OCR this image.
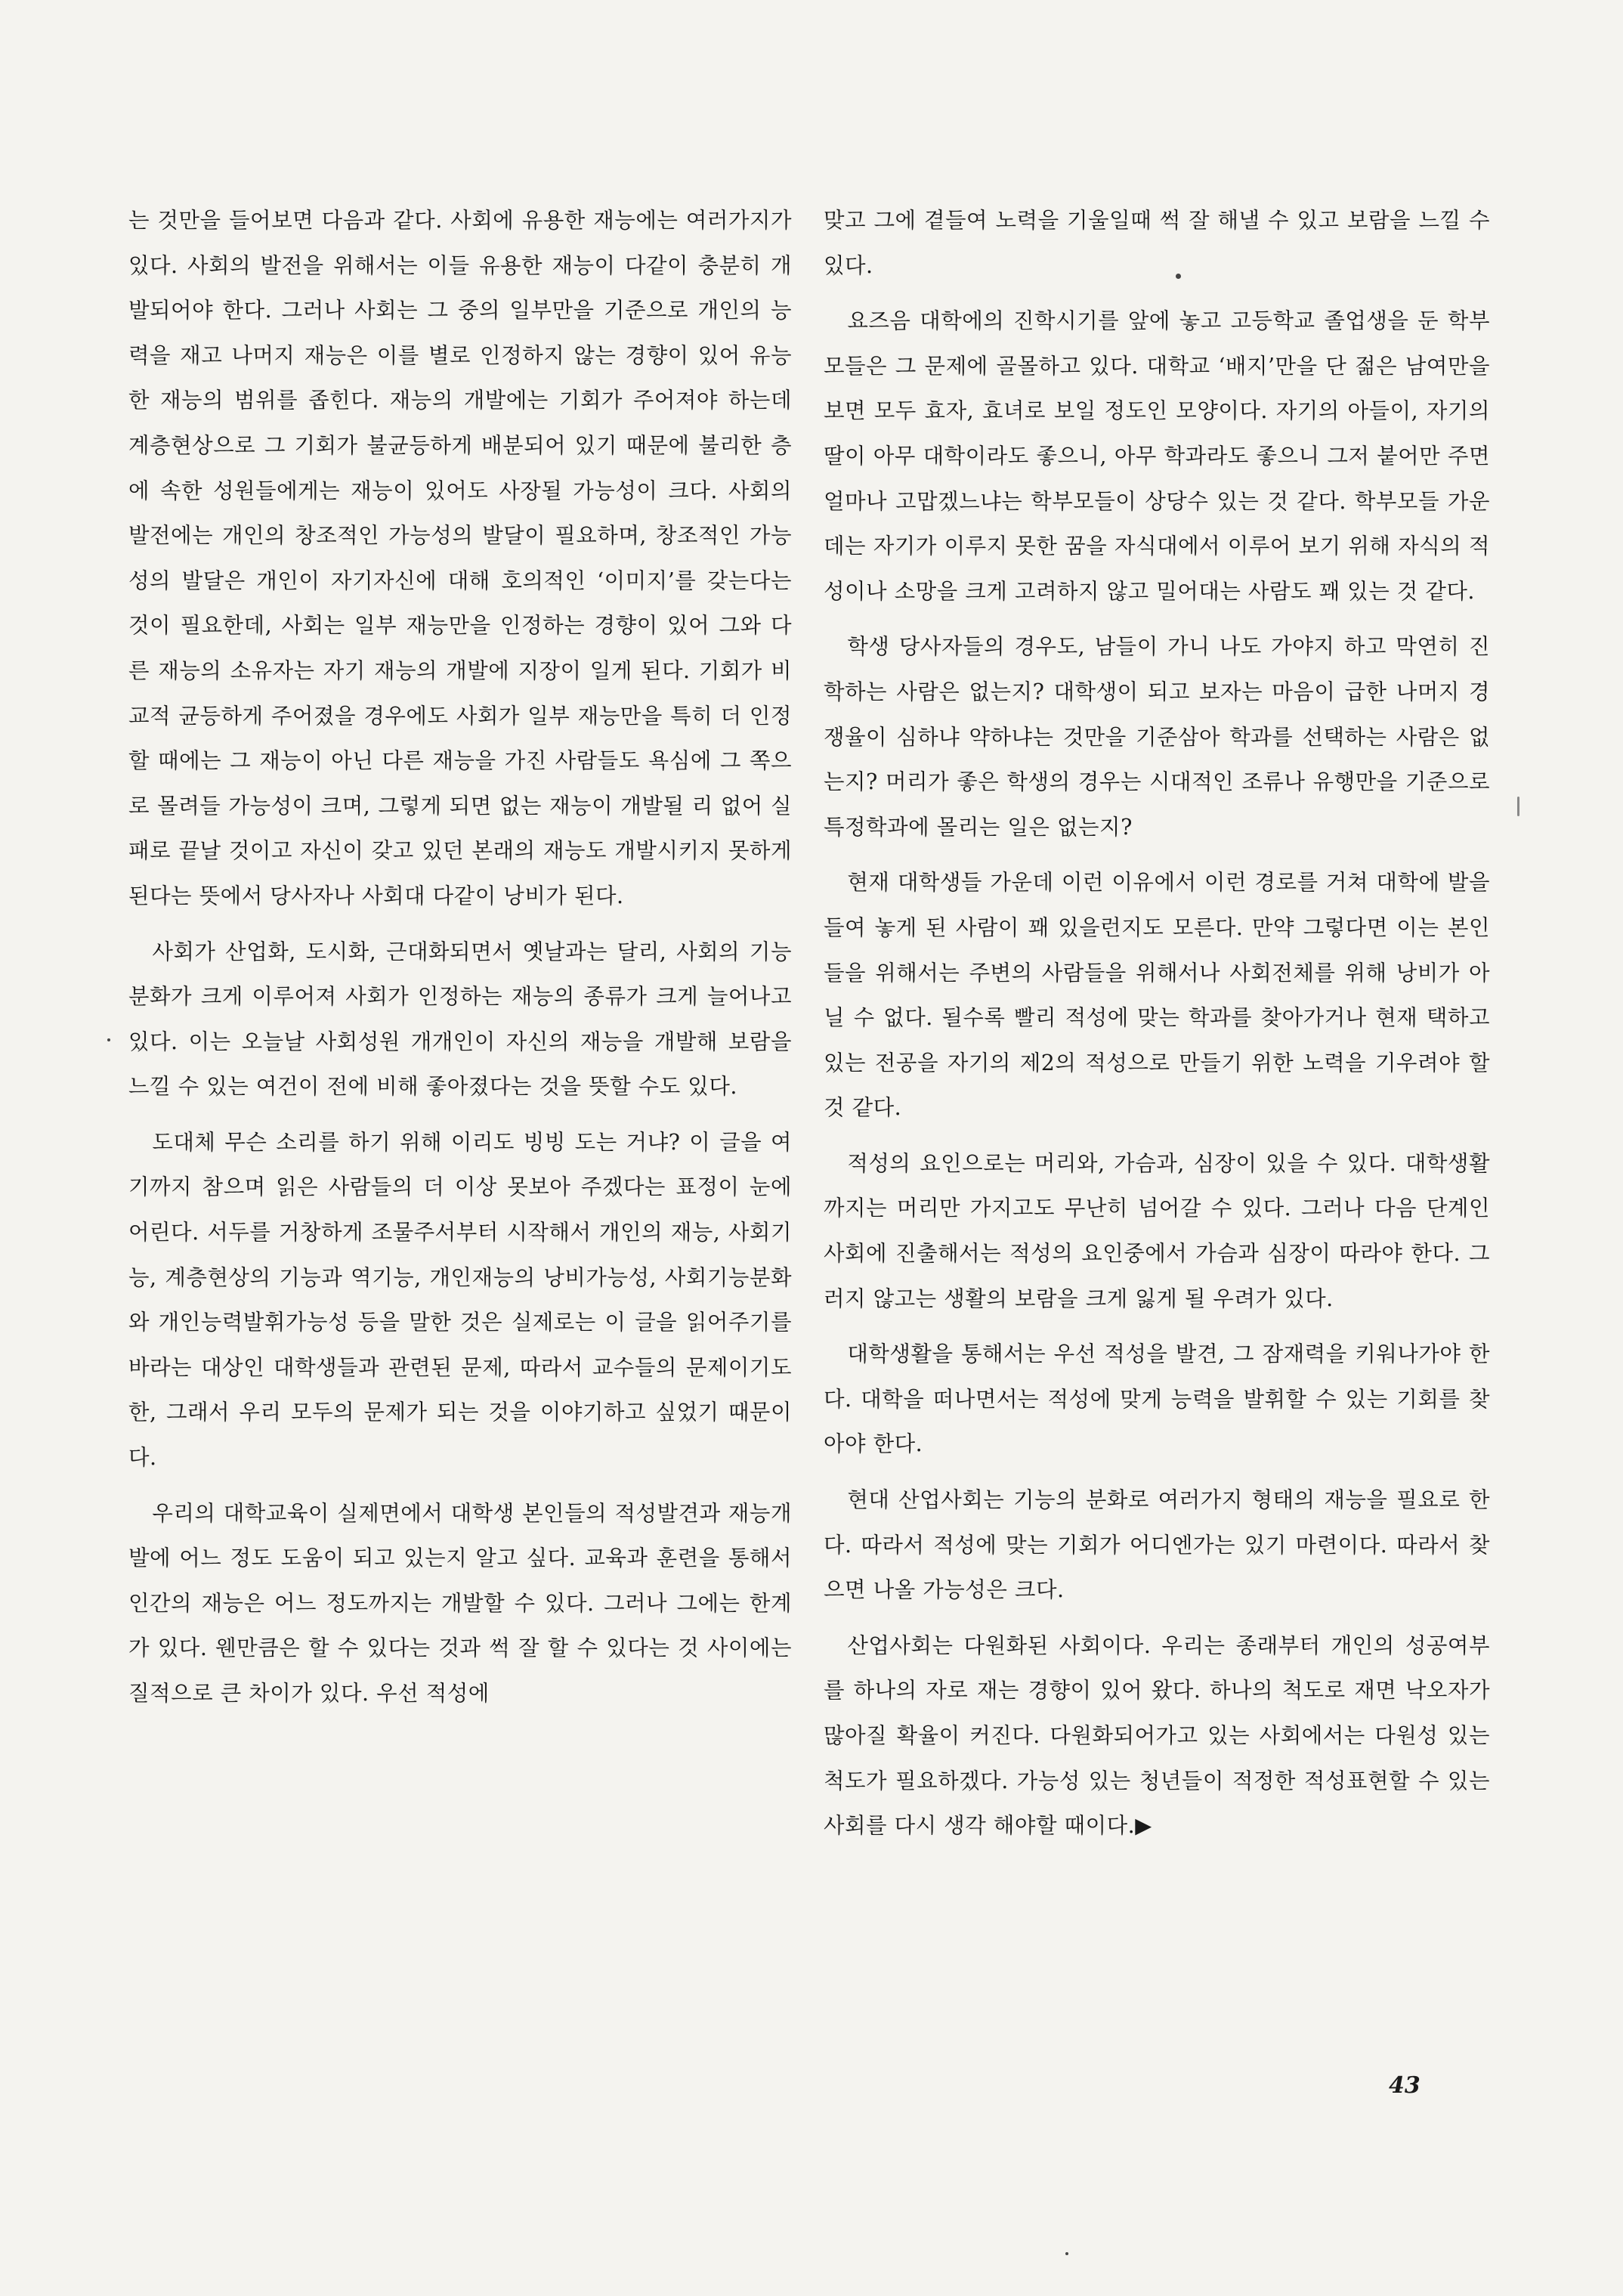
는 것만을 들어보면 다음과 같다. 사회에 유용한 재능에는 여러가지가 있다. 사회의 발전을 위해서는 이들 유용한 재능이 다같이 충분히 개발되어야 한다. 그러나 사회는 그 중의 일부만을 기준으로 개인의 능력을 재고 나머지 재능은 이를 별로 인정하지 않는 경향이 있어 유능한 재능의 범위를 좁힌다. 재능의 개발에는 기회가 주어져야 하는데 계층현상으로 그 기회가 불균등하게 배분되어 있기 때문에 불리한 층에 속한 성원들에게는 재능이 있어도 사장될 가능성이 크다. 사회의 발전에는 개인의 창조적인 가능성의 발달이 필요하며, 창조적인 가능성의 발달은 개인이 자기자신에 대해 호의적인 ‘이미지’를 갖는다는 것이 필요한데, 사회는 일부 재능만을 인정하는 경향이 있어 그와 다른 재능의 소유자는 자기 재능의 개발에 지장이 일게 된다. 기회가 비교적 균등하게 주어졌을 경우에도 사회가 일부 재능만을 특히 더 인정할 때에는 그 재능이 아닌 다른 재능을 가진 사람들도 욕심에 그 쪽으로 몰려들 가능성이 크며, 그렇게 되면 없는 재능이 개발될 리 없어 실패로 끝날 것이고 자신이 갖고 있던 본래의 재능도 개발시키지 못하게 된다는 뜻에서 당사자나 사회대 다같이 낭비가 된다.

사회가 산업화, 도시화, 근대화되면서 옛날과는 달리, 사회의 기능 분화가 크게 이루어져 사회가 인정하는 재능의 종류가 크게 늘어나고 있다. 이는 오늘날 사회성원 개개인이 자신의 재능을 개발해 보람을 느낄 수 있는 여건이 전에 비해 좋아졌다는 것을 뜻할 수도 있다.

도대체 무슨 소리를 하기 위해 이리도 빙빙 도는 거냐? 이 글을 여기까지 참으며 읽은 사람들의 더 이상 못보아 주겠다는 표정이 눈에 어린다. 서두를 거창하게 조물주서부터 시작해서 개인의 재능, 사회기능, 계층현상의 기능과 역기능, 개인재능의 낭비가능성, 사회기능분화와 개인능력발휘가능성 등을 말한 것은 실제로는 이 글을 읽어주기를 바라는 대상인 대학생들과 관련된 문제, 따라서 교수들의 문제이기도 한, 그래서 우리 모두의 문제가 되는 것을 이야기하고 싶었기 때문이다.

우리의 대학교육이 실제면에서 대학생 본인들의 적성발견과 재능개발에 어느 정도 도움이 되고 있는지 알고 싶다. 교육과 훈련을 통해서 인간의 재능은 어느 정도까지는 개발할 수 있다. 그러나 그에는 한계가 있다. 웬만큼은 할 수 있다는 것과 썩 잘 할 수 있다는 것 사이에는 질적으로 큰 차이가 있다. 우선 적성에

맞고 그에 곁들여 노력을 기울일때 썩 잘 해낼 수 있고 보람을 느낄 수 있다.

요즈음 대학에의 진학시기를 앞에 놓고 고등학교 졸업생을 둔 학부모들은 그 문제에 골몰하고 있다. 대학교 ‘배지’만을 단 젊은 남여만을 보면 모두 효자, 효녀로 보일 정도인 모양이다. 자기의 아들이, 자기의 딸이 아무 대학이라도 좋으니, 아무 학과라도 좋으니 그저 붙어만 주면 얼마나 고맙겠느냐는 학부모들이 상당수 있는 것 같다. 학부모들 가운데는 자기가 이루지 못한 꿈을 자식대에서 이루어 보기 위해 자식의 적성이나 소망을 크게 고려하지 않고 밀어대는 사람도 꽤 있는 것 같다.

학생 당사자들의 경우도, 남들이 가니 나도 가야지 하고 막연히 진학하는 사람은 없는지? 대학생이 되고 보자는 마음이 급한 나머지 경쟁율이 심하냐 약하냐는 것만을 기준삼아 학과를 선택하는 사람은 없는지? 머리가 좋은 학생의 경우는 시대적인 조류나 유행만을 기준으로 특정학과에 몰리는 일은 없는지?

현재 대학생들 가운데 이런 이유에서 이런 경로를 거쳐 대학에 발을 들여 놓게 된 사람이 꽤 있을런지도 모른다. 만약 그렇다면 이는 본인들을 위해서는 주변의 사람들을 위해서나 사회전체를 위해 낭비가 아닐 수 없다. 될수록 빨리 적성에 맞는 학과를 찾아가거나 현재 택하고 있는 전공을 자기의 제2의 적성으로 만들기 위한 노력을 기우려야 할 것 같다.

적성의 요인으로는 머리와, 가슴과, 심장이 있을 수 있다. 대학생활까지는 머리만 가지고도 무난히 넘어갈 수 있다. 그러나 다음 단계인 사회에 진출해서는 적성의 요인중에서 가슴과 심장이 따라야 한다. 그러지 않고는 생활의 보람을 크게 잃게 될 우려가 있다.

대학생활을 통해서는 우선 적성을 발견, 그 잠재력을 키워나가야 한다. 대학을 떠나면서는 적성에 맞게 능력을 발휘할 수 있는 기회를 찾아야 한다.

현대 산업사회는 기능의 분화로 여러가지 형태의 재능을 필요로 한다. 따라서 적성에 맞는 기회가 어디엔가는 있기 마련이다. 따라서 찾으면 나올 가능성은 크다.

산업사회는 다원화된 사회이다. 우리는 종래부터 개인의 성공여부를 하나의 자로 재는 경향이 있어 왔다. 하나의 척도로 재면 낙오자가 많아질 확율이 커진다. 다원화되어가고 있는 사회에서는 다원성 있는 척도가 필요하겠다. 가능성 있는 청년들이 적정한 적성표현할 수 있는 사회를 다시 생각 해야할 때이다.▶

43
